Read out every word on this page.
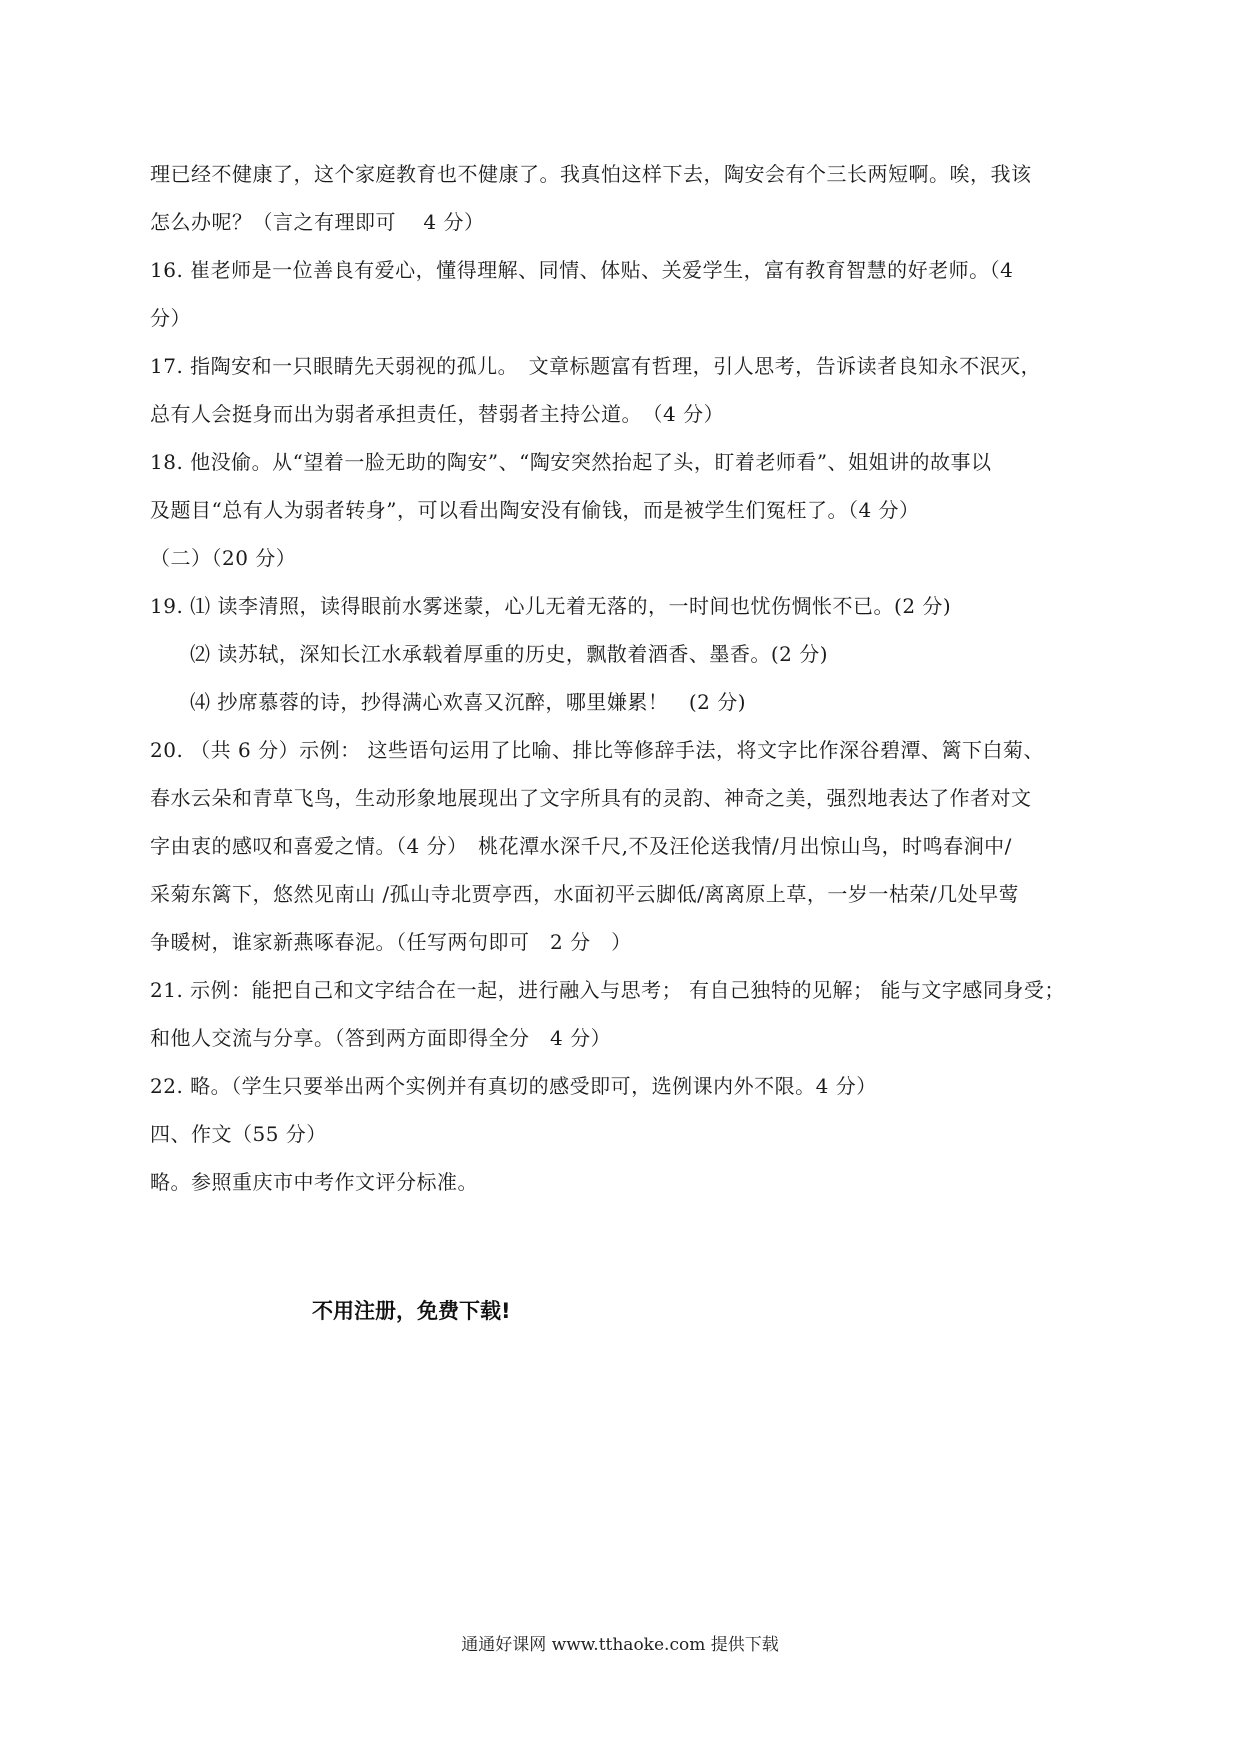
理已经不健康了，这个家庭教育也不健康了。我真怕这样下去，陶安会有个三长两短啊。唉，我该
怎么办呢？（言之有理即可　 4 分）
16. 崔老师是一位善良有爱心，懂得理解、同情、体贴、关爱学生，富有教育智慧的好老师。（4
分）
17. 指陶安和一只眼睛先天弱视的孤儿。　文章标题富有哲理，引人思考，告诉读者良知永不泯灭，
总有人会挺身而出为弱者承担责任，替弱者主持公道。　（4 分）
18. 他没偷。从“望着一脸无助的陶安”、“陶安突然抬起了头，盯着老师看”、姐姐讲的故事以
及题目“总有人为弱者转身”，可以看出陶安没有偷钱，而是被学生们冤枉了。（4 分）
（二）（20 分）
19. ⑴ 读李清照，读得眼前水雾迷蒙，心儿无着无落的，一时间也忧伤惆怅不已。(2 分)
⑵ 读苏轼，深知长江水承载着厚重的历史，飘散着酒香、墨香。(2 分)
⑷ 抄席慕蓉的诗，抄得满心欢喜又沉醉，哪里嫌累！　(2 分)
20. （共 6 分）示例： 这些语句运用了比喻、排比等修辞手法，将文字比作深谷碧潭、篱下白菊、
春水云朵和青草飞鸟，生动形象地展现出了文字所具有的灵韵、神奇之美，强烈地表达了作者对文
字由衷的感叹和喜爱之情。（4 分）　桃花潭水深千尺,不及汪伦送我情/月出惊山鸟，时鸣春涧中/
采菊东篱下，悠然见南山 /孤山寺北贾亭西，水面初平云脚低/离离原上草，一岁一枯荣/几处早莺
争暖树，谁家新燕啄春泥。（任写两句即可　2 分　）
21. 示例：能把自己和文字结合在一起，进行融入与思考； 有自己独特的见解； 能与文字感同身受；
和他人交流与分享。（答到两方面即得全分　4 分）
22. 略。（学生只要举出两个实例并有真切的感受即可，选例课内外不限。4 分）
四、作文（55 分）
略。参照重庆市中考作文评分标准。
不用注册，免费下载!
通通好课网 www.tthaoke.com 提供下载
